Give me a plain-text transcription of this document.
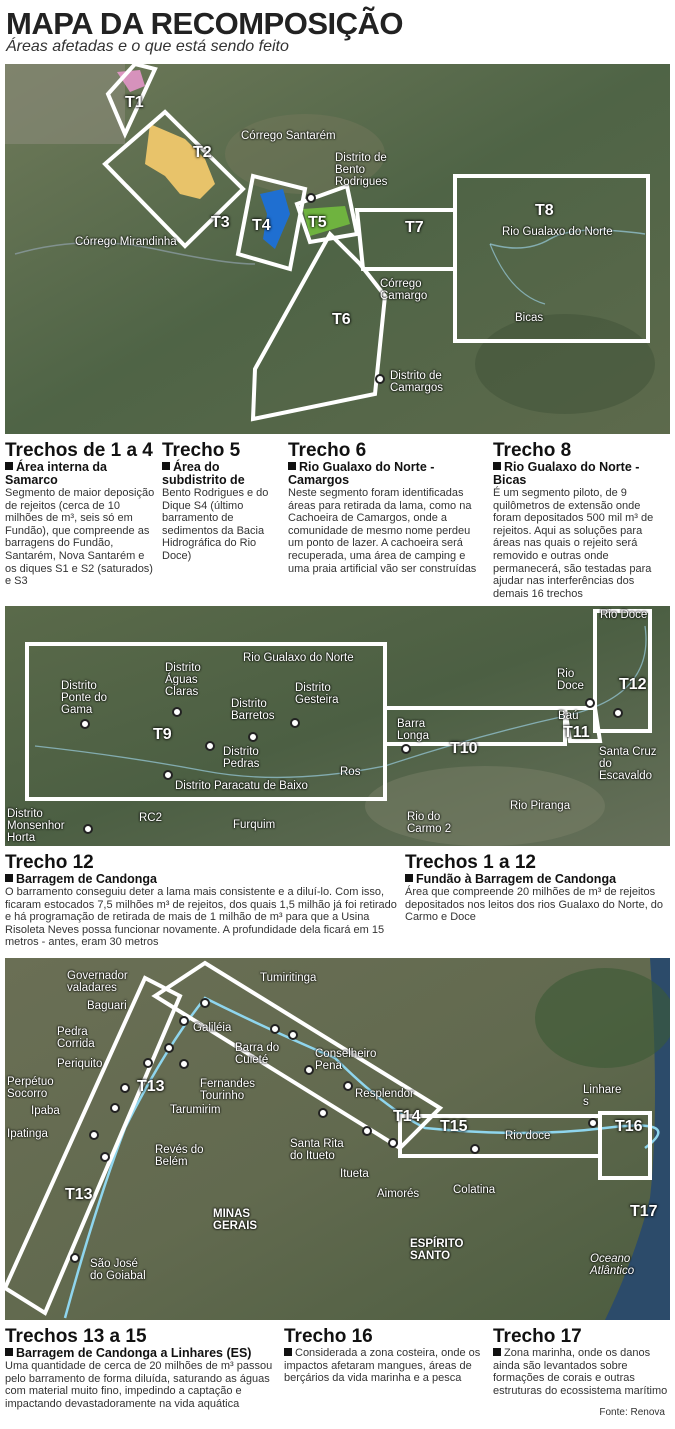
MAPA DA RECOMPOSIÇÃO
Áreas afetadas e o que está sendo feito
T1
T2
T3 T4 T5
T6
T7
T8
Córrego Santarém
Distrito de
Bento
Rodrigues
Córrego Mirandinha
Rio Gualaxo do Norte
Córrego
Camargo
Bicas
Distrito de
Camargos
Trechos de 1 a 4
Área interna da Samarco

Segmento de maior deposição de rejeitos (cerca de 10 milhões de m³, seis só em Fundão), que compreende as barragens do Fundão, Santarém, Nova Santarém e os diques S1 e S2 (saturados) e S3

Trecho 5
Área do subdistrito de

Bento Rodrigues e do Dique S4 (último barramento de sedimentos da Bacia Hidrográfica do Rio Doce)

Trecho 6
Rio Gualaxo do Norte - Camargos

Neste segmento foram identificadas áreas para retirada da lama, como na Cachoeira de Camargos, onde a comunidade de mesmo nome perdeu um ponto de lazer. A cachoeira será recuperada, uma área de camping e uma praia artificial vão ser construídas

Trecho 8
Rio Gualaxo do Norte - Bicas

É um segmento piloto, de 9 quilômetros de extensão onde foram depositados 500 mil m³ de rejeitos. Aqui as soluções para áreas nas quais o rejeito será removido e outras onde permanecerá, são testadas para ajudar nas interferências dos demais 16 trechos

T9
T10
T11
T12
Distrito
Ponte do
Gama
Distrito
Águas
Claras
Rio Gualaxo do Norte
Distrito
Gesteira
Distrito
Barretos
Distrito
Pedras
Distrito Paracatu de Baixo
Barra
Longa
Rio Doce
Rio
Doce
Baú
Santa Cruz
do
Escavaldo
Ros
Distrito
Monsenhor
Horta
RC2
Furquim
Rio do
Carmo 2
Rio Piranga
Trecho 12
Barragem de Candonga

O barramento conseguiu deter a lama mais consistente e a diluí-lo. Com isso, ficaram estocados 7,5 milhões m³ de rejeitos, dos quais 1,5 milhão já foi retirado e há programação de retirada de mais de 1 milhão de m³ para que a Usina Risoleta Neves possa funcionar novamente. A profundidade dela ficará em 15 metros - antes, eram 30 metros

Trechos 1 a 12
Fundão à Barragem de Candonga

Área que compreende 20 milhões de m³ de rejeitos depositados nos leitos dos rios Gualaxo do Norte, do Carmo e Doce

T13
T13
T14
T15	T16
T17
Governador
valadares
Tumiritinga
Baguari
Galiléia
Pedra
Corrida	Barra do
Cuieté
Periquito
Conselheiro
Pena
Perpétuo
Socorro
Fernandes
Tourinho	Resplendor
Ipaba	Tarumirim
Linhare
s
Ipatinga
Santa Rita
do Itueto
Itueta
Rio doce
Revés do
Belém
Aimorés	Colatina
MINAS
GERAIS
ESPÍRITO
SANTO
São José
do Goiabal
Oceano
Atlântico
Trechos 13 a 15
Barragem de Candonga a Linhares (ES)

Uma quantidade de cerca de 20 milhões de m³ passou pelo barramento de forma diluída, saturando as águas com material muito fino, impedindo a captação e impactando devastadoramente na vida aquática

Trecho 16

Considerada a zona costeira, onde os impactos afetaram mangues, áreas de berçários da vida marinha e a pesca

Trecho 17

Zona marinha, onde os danos ainda são levantados sobre formações de corais e outras estruturas do ecossistema marítimo

Fonte: Renova
